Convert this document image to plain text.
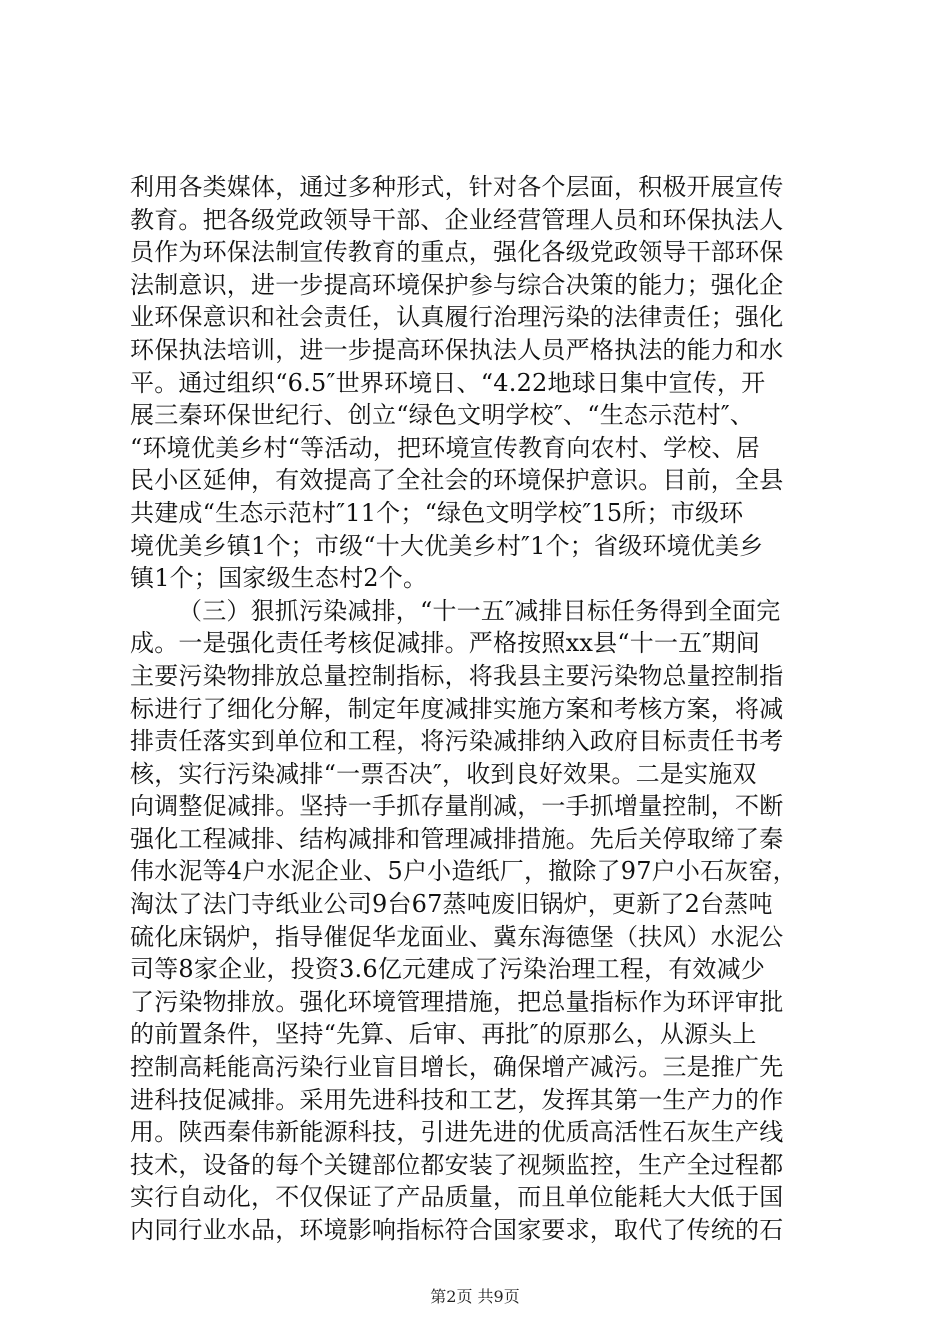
利用各类媒体，通过多种形式，针对各个层面，积极开展宣传
教育。把各级党政领导干部、企业经营管理人员和环保执法人
员作为环保法制宣传教育的重点，强化各级党政领导干部环保
法制意识，进一步提高环境保护参与综合决策的能力；强化企
业环保意识和社会责任，认真履行治理污染的法律责任；强化
环保执法培训，进一步提高环保执法人员严格执法的能力和水
平。通过组织“6.5″世界环境日、“4.22地球日集中宣传，开
展三秦环保世纪行、创立“绿色文明学校″、“生态示范村″、
“环境优美乡村“等活动，把环境宣传教育向农村、学校、居
民小区延伸，有效提高了全社会的环境保护意识。目前，全县
共建成“生态示范村″11个；“绿色文明学校″15所；市级环
境优美乡镇1个；市级“十大优美乡村″1个；省级环境优美乡
镇1个；国家级生态村2个。
（三）狠抓污染减排，“十一五″减排目标任务得到全面完
成。一是强化责任考核促减排。严格按照xx县“十一五″期间
主要污染物排放总量控制指标，将我县主要污染物总量控制指
标进行了细化分解，制定年度减排实施方案和考核方案，将减
排责任落实到单位和工程，将污染减排纳入政府目标责任书考
核，实行污染减排“一票否决″，收到良好效果。二是实施双
向调整促减排。坚持一手抓存量削减，一手抓增量控制，不断
强化工程减排、结构减排和管理减排措施。先后关停取缔了秦
伟水泥等4户水泥企业、5户小造纸厂，撤除了97户小石灰窑，
淘汰了法门寺纸业公司9台67蒸吨废旧锅炉，更新了2台蒸吨
硫化床锅炉，指导催促华龙面业、冀东海德堡（扶风）水泥公
司等8家企业，投资3.6亿元建成了污染治理工程，有效减少
了污染物排放。强化环境管理措施，把总量指标作为环评审批
的前置条件，坚持“先算、后审、再批″的原那么，从源头上
控制高耗能高污染行业盲目增长，确保增产减污。三是推广先
进科技促减排。采用先进科技和工艺，发挥其第一生产力的作
用。陕西秦伟新能源科技，引进先进的优质高活性石灰生产线
技术，设备的每个关键部位都安装了视频监控，生产全过程都
实行自动化，不仅保证了产品质量，而且单位能耗大大低于国
内同行业水品，环境影响指标符合国家要求，取代了传统的石
第2页 共9页
